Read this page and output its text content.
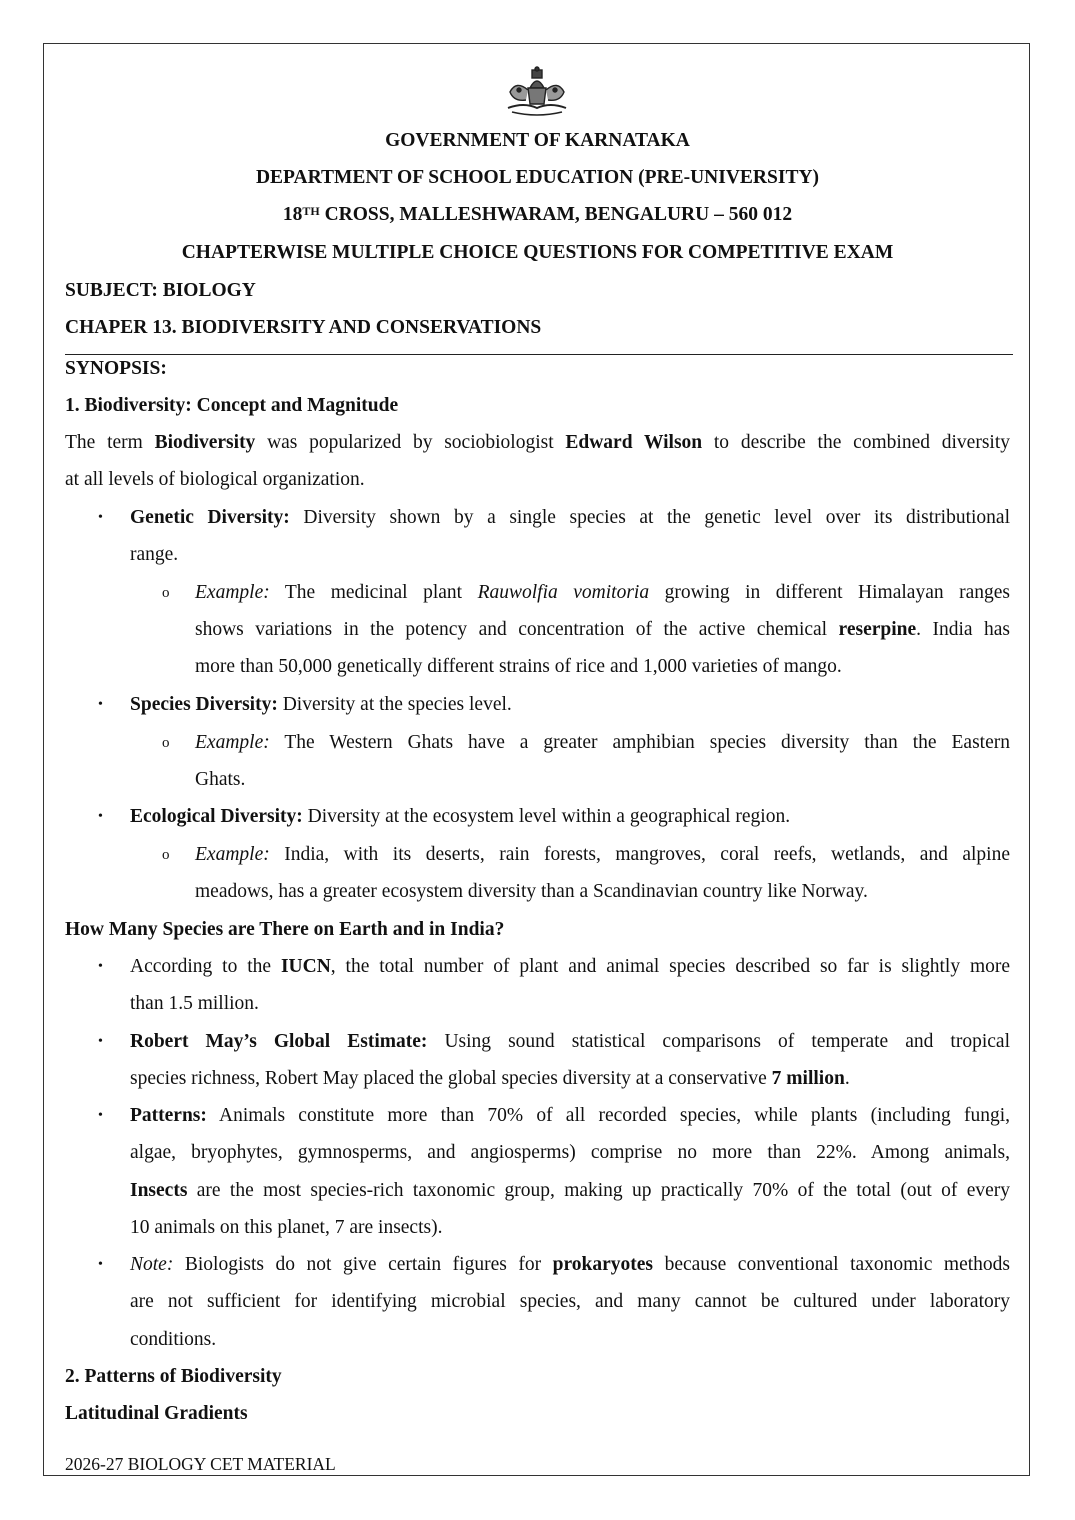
GOVERNMENT OF KARNATAKA
DEPARTMENT OF SCHOOL EDUCATION (PRE-UNIVERSITY)
18TH CROSS, MALLESHWARAM, BENGALURU – 560 012
CHAPTERWISE MULTIPLE CHOICE QUESTIONS FOR COMPETITIVE EXAM
SUBJECT: BIOLOGY
CHAPER 13. BIODIVERSITY AND CONSERVATIONS
SYNOPSIS:
1. Biodiversity: Concept and Magnitude
The term Biodiversity was popularized by sociobiologist Edward Wilson to describe the combined diversity
at all levels of biological organization.
• Genetic Diversity: Diversity shown by a single species at the genetic level over its distributional
range.
o Example: The medicinal plant Rauwolfia vomitoria growing in different Himalayan ranges
shows variations in the potency and concentration of the active chemical reserpine. India has
more than 50,000 genetically different strains of rice and 1,000 varieties of mango.
• Species Diversity: Diversity at the species level.
o Example: The Western Ghats have a greater amphibian species diversity than the Eastern
Ghats.
• Ecological Diversity: Diversity at the ecosystem level within a geographical region.
o Example: India, with its deserts, rain forests, mangroves, coral reefs, wetlands, and alpine
meadows, has a greater ecosystem diversity than a Scandinavian country like Norway.
How Many Species are There on Earth and in India?
• According to the IUCN, the total number of plant and animal species described so far is slightly more
than 1.5 million.
• Robert May’s Global Estimate: Using sound statistical comparisons of temperate and tropical
species richness, Robert May placed the global species diversity at a conservative 7 million.
• Patterns: Animals constitute more than 70% of all recorded species, while plants (including fungi,
algae, bryophytes, gymnosperms, and angiosperms) comprise no more than 22%. Among animals,
Insects are the most species-rich taxonomic group, making up practically 70% of the total (out of every
10 animals on this planet, 7 are insects).
• Note: Biologists do not give certain figures for prokaryotes because conventional taxonomic methods
are not sufficient for identifying microbial species, and many cannot be cultured under laboratory
conditions.
2. Patterns of Biodiversity
Latitudinal Gradients
2026-27 BIOLOGY CET MATERIAL
